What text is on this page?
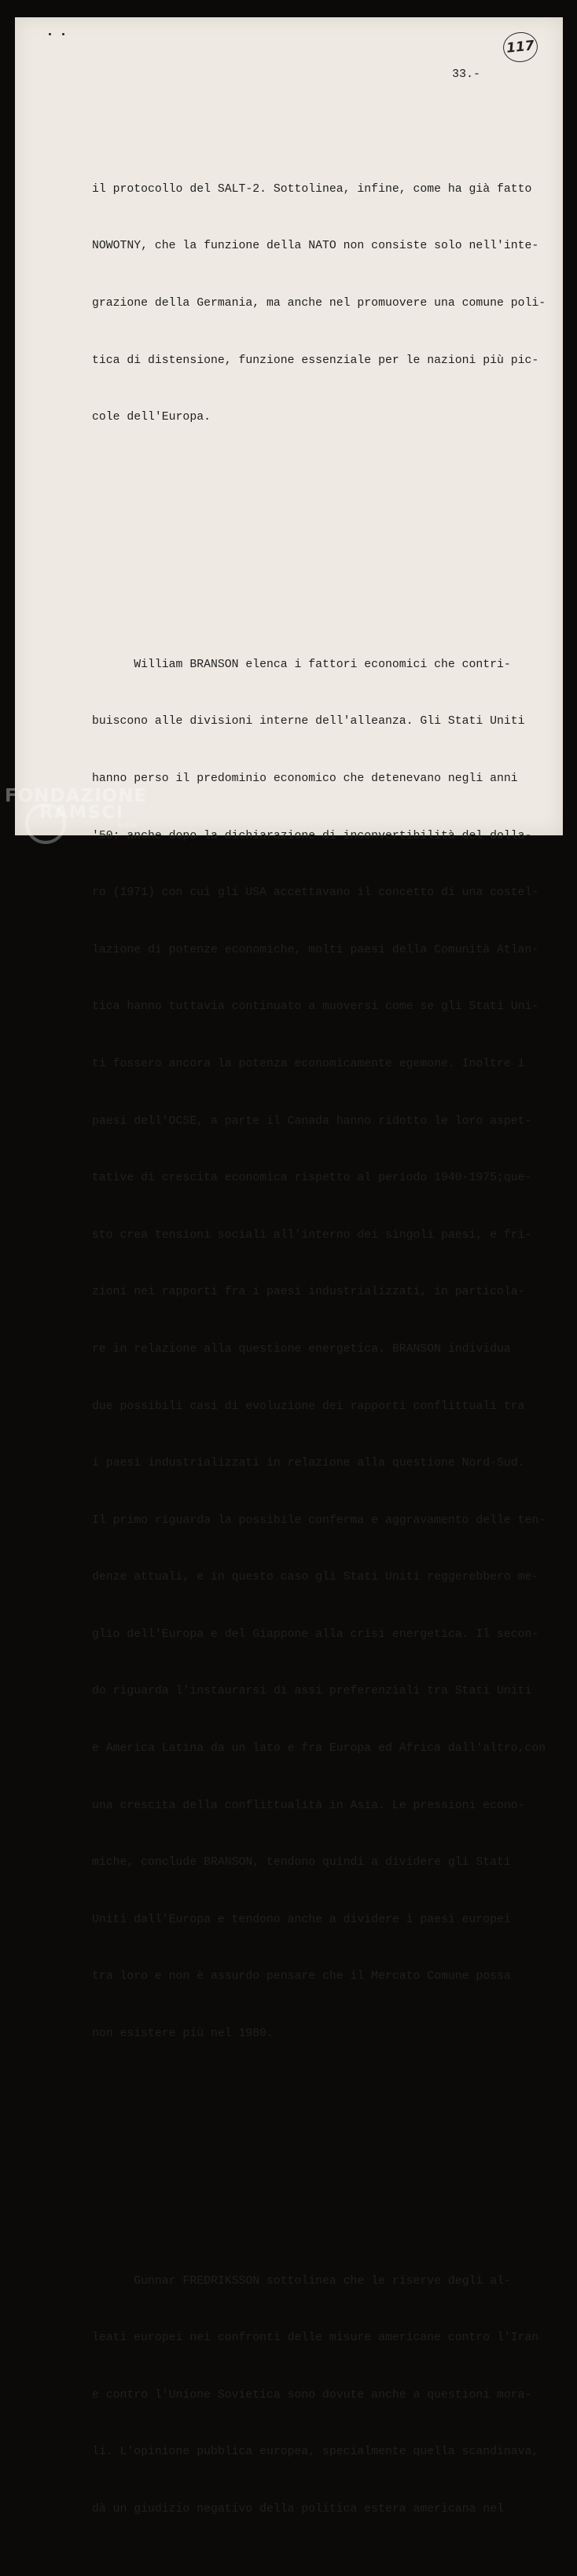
117
33.-

il protocollo del SALT-2. Sottolinea, infine, come ha già fatto

NOWOTNY, che la funzione della NATO non consiste solo nell'inte-

grazione della Germania, ma anche nel promuovere una comune poli-

tica di distensione, funzione essenziale per le nazioni più pic-

cole dell'Europa.

William BRANSON elenca i fattori economici che contri-

buiscono alle divisioni interne dell'alleanza. Gli Stati Uniti

hanno perso il predominio economico che detenevano negli anni

'50: anche dopo la dichiarazione di inconvertibilità del dolla-

ro (1971) con cui gli USA accettavano il concetto di una costel-

lazione di potenze economiche, molti paesi della Comunità Atlan-

tica hanno tuttavia continuato a muoversi come se gli Stati Uni-

ti fossero ancora la potenza economicamente egemone. Inoltre i

paesi dell'OCSE, a parte il Canada hanno ridotto le loro aspet-

tative di crescita economica rispetto al periodo 1940-1975;que-

sto crea tensioni sociali all'interno dei singoli paesi, e fri-

zioni nei rapporti fra i paesi industrializzati, in particola-

re in relazione alla questione energetica. BRANSON individua

due possibili casi di evoluzione dei rapporti conflittuali tra

i paesi industrializzati in relazione alla questione Nord-Sud.

Il primo riguarda la possibile conferma e aggravamento delle ten-

denze attuali, e in questo caso gli Stati Uniti reggerebbero me-

glio dell'Europa e del Giappone alla crisi energetica. Il secon-

do riguarda l'instaurarsi di assi preferenziali tra Stati Uniti

e America Latina da un lato e fra Europa ed Africa dall'altro,con

una crescita della conflittualità in Asia. Le pressioni econo-

miche, conclude BRANSON, tendono quindi a dividere gli Stati

Uniti dall'Europa e tendono anche a dividere i paesi europei

tra loro e non è assurdo pensare che il Mercato Comune possa

non esistere più nel 1980.

Gunnar FREDRIKSSON sottolinea che le riserve degli al-

leati europei nei confronti delle misure americane contro l'Iran

e contro l'Unione Sovietica sono dovute anche a questioni mora-

li. L'opinione pubblica europea, specialmente quella scandinava,

dà un giudizio negativo della politica estera americana nel

FONDAZIONE
RAMSCI
onlus
